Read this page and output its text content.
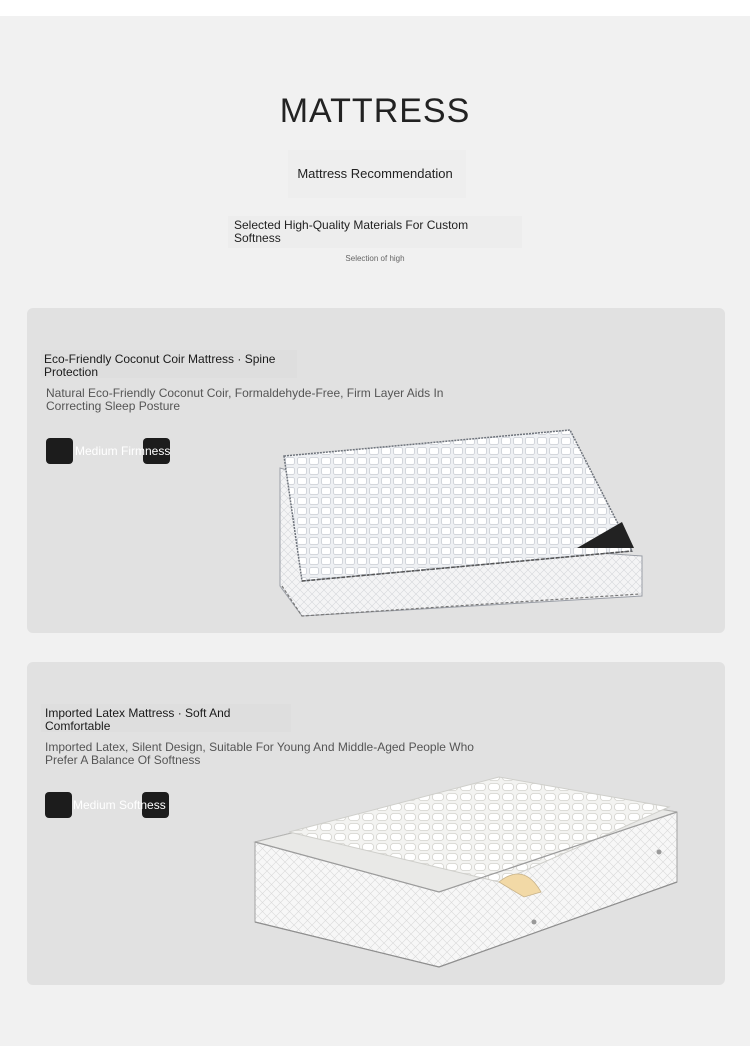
MATTRESS
Mattress Recommendation
Selected High-Quality Materials For Custom Softness
Selection of high
Eco-Friendly Coconut Coir Mattress · Spine Protection
Natural Eco-Friendly Coconut Coir, Formaldehyde-Free, Firm Layer Aids In Correcting Sleep Posture
Medium Firmness
Imported Latex Mattress · Soft And Comfortable
Imported Latex, Silent Design, Suitable For Young And Middle-Aged People Who Prefer A Balance Of Softness
Medium Softness
